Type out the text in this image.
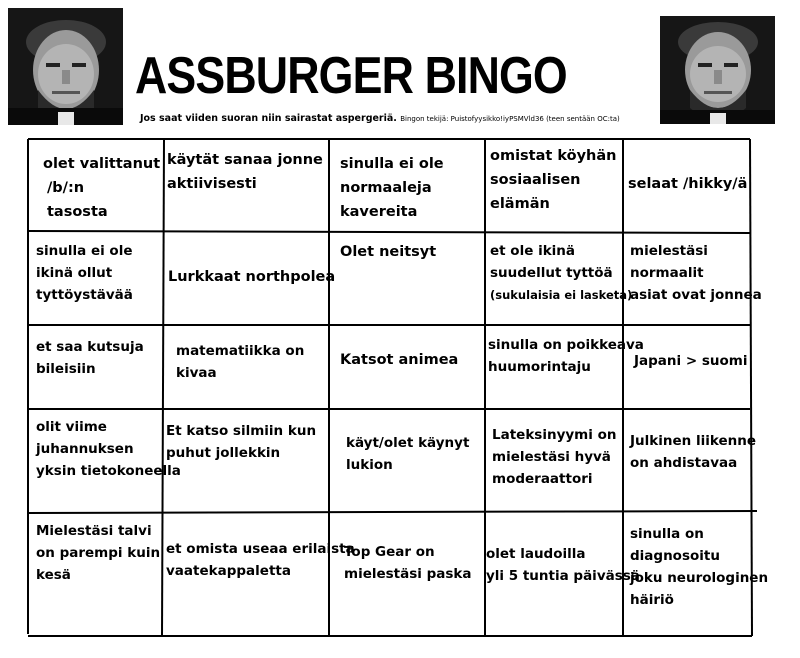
ASSBURGER BINGO
Jos saat viiden suoran niin sairastat aspergeriä. Bingon tekijä: Puistofyysikko!iyPSMVld36 (teen sentään OC:ta)
olet valittanut
/b/:n
tasosta
käytät sanaa jonne
aktiivisesti
sinulla ei ole
normaaleja
kavereita
omistat köyhän
sosiaalisen
elämän
selaat /hikky/ä
sinulla ei ole
ikinä ollut
tyttöystävää
Lurkkaat northpolea
Olet neitsyt	et ole ikinä
suudellut tyttöä
(sukulaisia ei lasketa)
mielestäsi
normaalit
asiat ovat jonnea
et saa kutsuja
bileisiin
matematiikka on
kivaa
Katsot animea
sinulla on poikkeava
huumorintaju	Japani > suomi
olit viime
juhannuksen
yksin tietokoneella
Et katso silmiin kun
puhut jollekkin
käyt/olet käynyt
lukion
Lateksinyymi on
mielestäsi hyvä
moderaattori
Julkinen liikenne
on ahdistavaa
Mielestäsi talvi
on parempi kuin
kesä
et omista useaa erilaista
vaatekappaletta
Top Gear on
mielestäsi paska
olet laudoilla
yli 5 tuntia päivässä
sinulla on
diagnosoitu
joku neurologinen
häiriö
